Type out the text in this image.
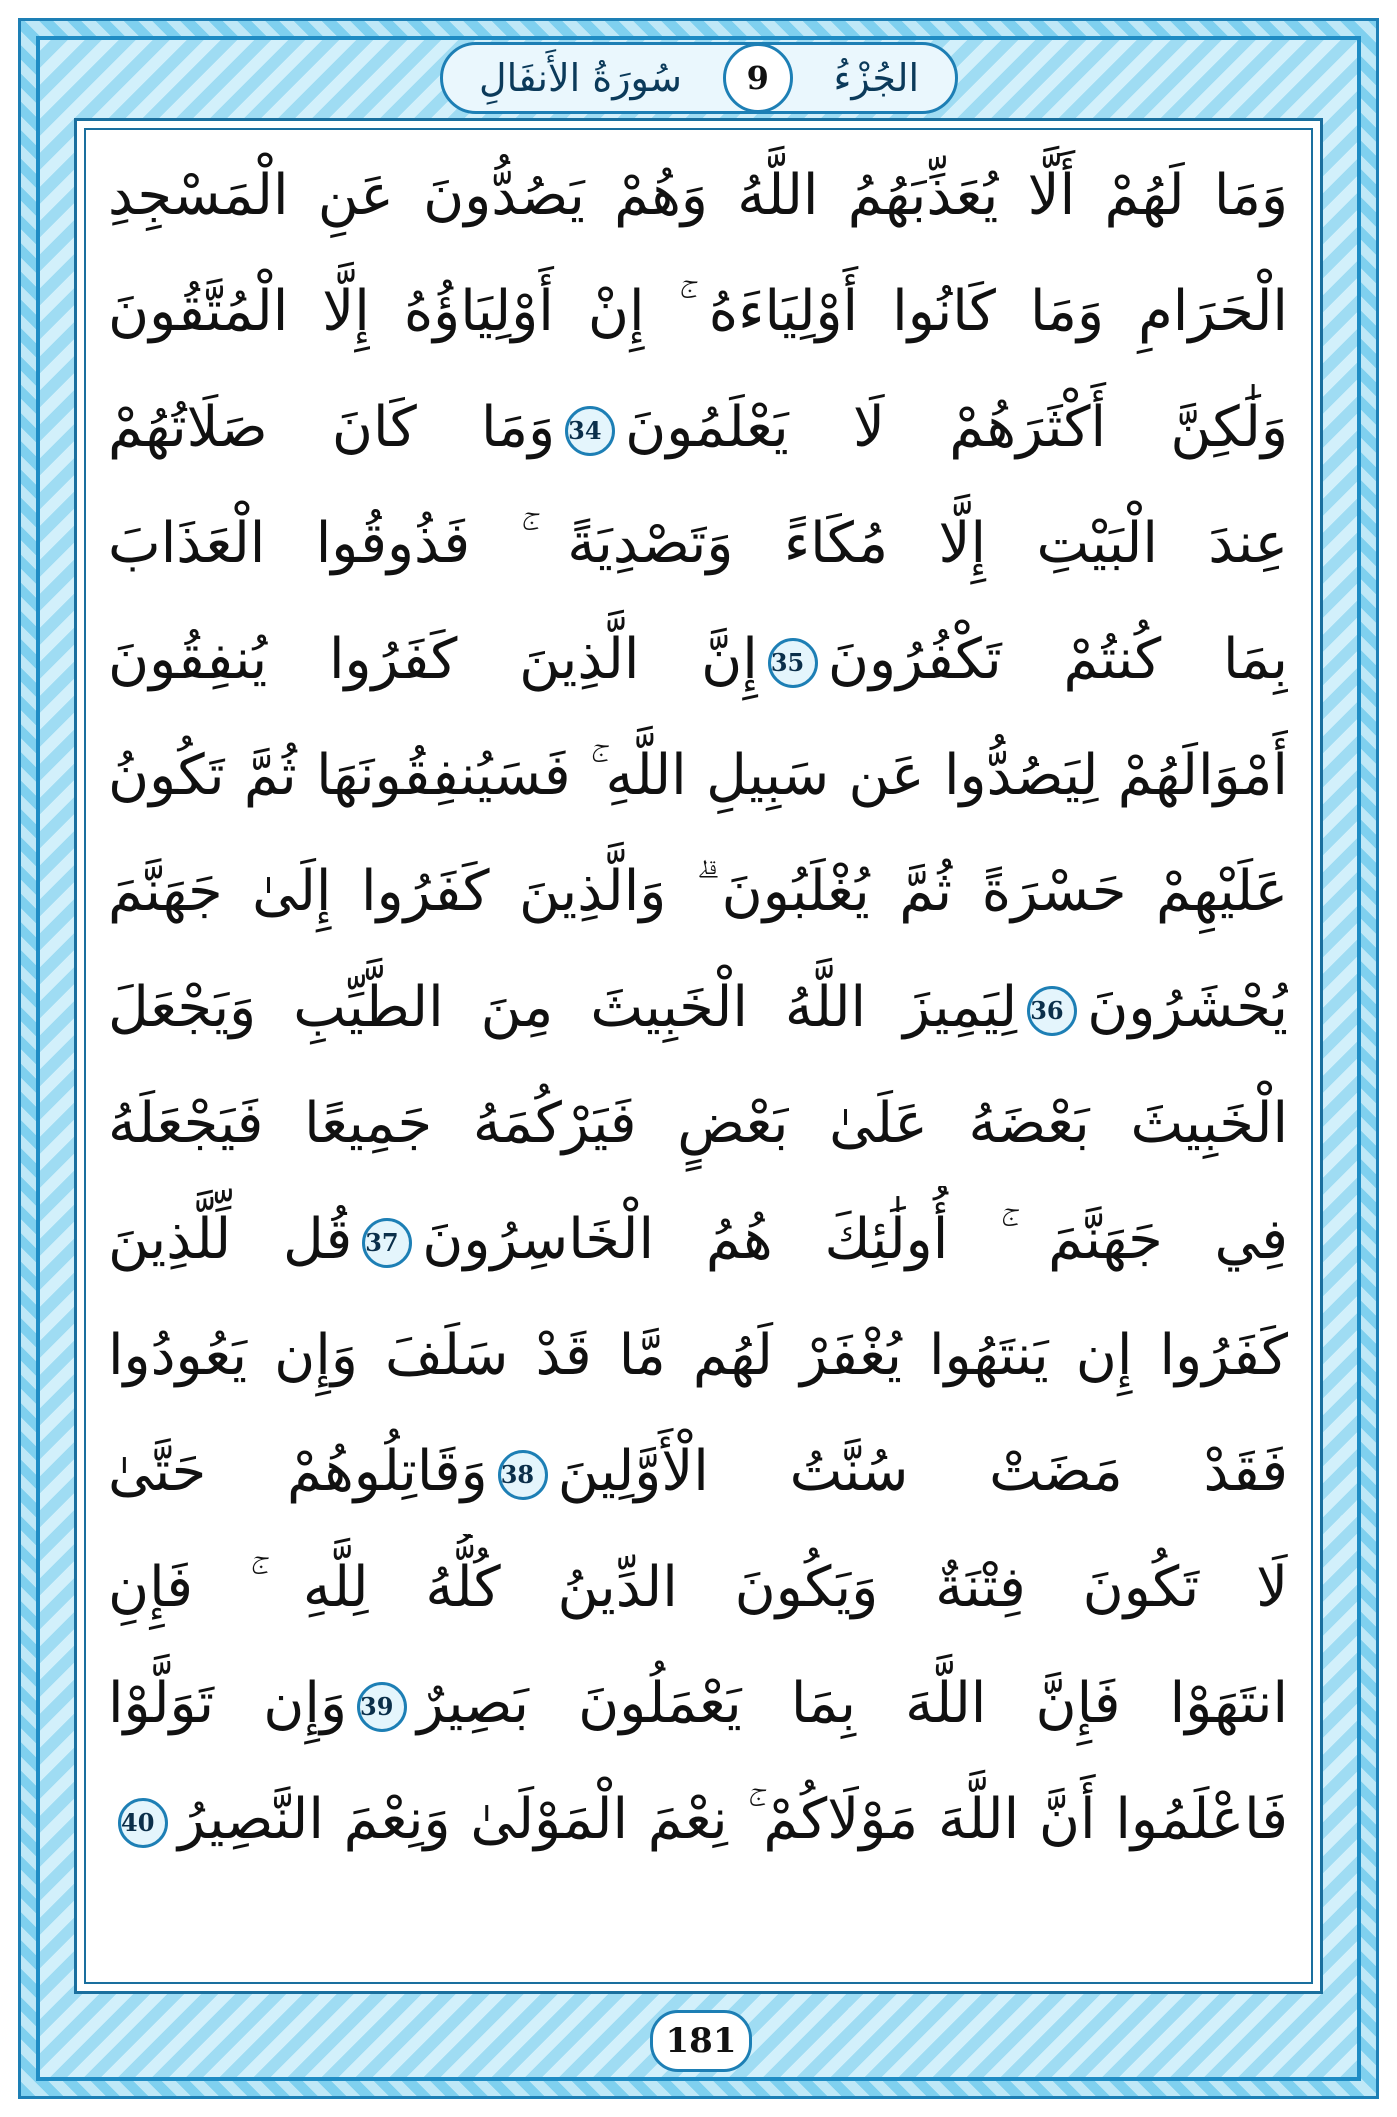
سُورَةُ الأَنفَالِ	9	الجُزْءُ
وَمَا لَهُمْ أَلَّا يُعَذِّبَهُمُ اللَّهُ وَهُمْ يَصُدُّونَ عَنِ الْمَسْجِدِ
الْحَرَامِ وَمَا كَانُوا أَوْلِيَاءَهُ ۚ إِنْ أَوْلِيَاؤُهُ إِلَّا الْمُتَّقُونَ
وَلَٰكِنَّ أَكْثَرَهُمْ لَا يَعْلَمُونَ34وَمَا كَانَ صَلَاتُهُمْ
عِندَ الْبَيْتِ إِلَّا مُكَاءً وَتَصْدِيَةً ۚ فَذُوقُوا الْعَذَابَ
بِمَا كُنتُمْ تَكْفُرُونَ35إِنَّ الَّذِينَ كَفَرُوا يُنفِقُونَ
أَمْوَالَهُمْ لِيَصُدُّوا عَن سَبِيلِ اللَّهِ ۚ فَسَيُنفِقُونَهَا ثُمَّ تَكُونُ
عَلَيْهِمْ حَسْرَةً ثُمَّ يُغْلَبُونَ ۗ وَالَّذِينَ كَفَرُوا إِلَىٰ جَهَنَّمَ
يُحْشَرُونَ36لِيَمِيزَ اللَّهُ الْخَبِيثَ مِنَ الطَّيِّبِ وَيَجْعَلَ
الْخَبِيثَ بَعْضَهُ عَلَىٰ بَعْضٍ فَيَرْكُمَهُ جَمِيعًا فَيَجْعَلَهُ
فِي جَهَنَّمَ ۚ أُولَٰئِكَ هُمُ الْخَاسِرُونَ37قُل لِّلَّذِينَ
كَفَرُوا إِن يَنتَهُوا يُغْفَرْ لَهُم مَّا قَدْ سَلَفَ وَإِن يَعُودُوا
فَقَدْ مَضَتْ سُنَّتُ الْأَوَّلِينَ38وَقَاتِلُوهُمْ حَتَّىٰ
لَا تَكُونَ فِتْنَةٌ وَيَكُونَ الدِّينُ كُلُّهُ لِلَّهِ ۚ فَإِنِ
انتَهَوْا فَإِنَّ اللَّهَ بِمَا يَعْمَلُونَ بَصِيرٌ39وَإِن تَوَلَّوْا
فَاعْلَمُوا أَنَّ اللَّهَ مَوْلَاكُمْ ۚ نِعْمَ الْمَوْلَىٰ وَنِعْمَ النَّصِيرُ40
181
